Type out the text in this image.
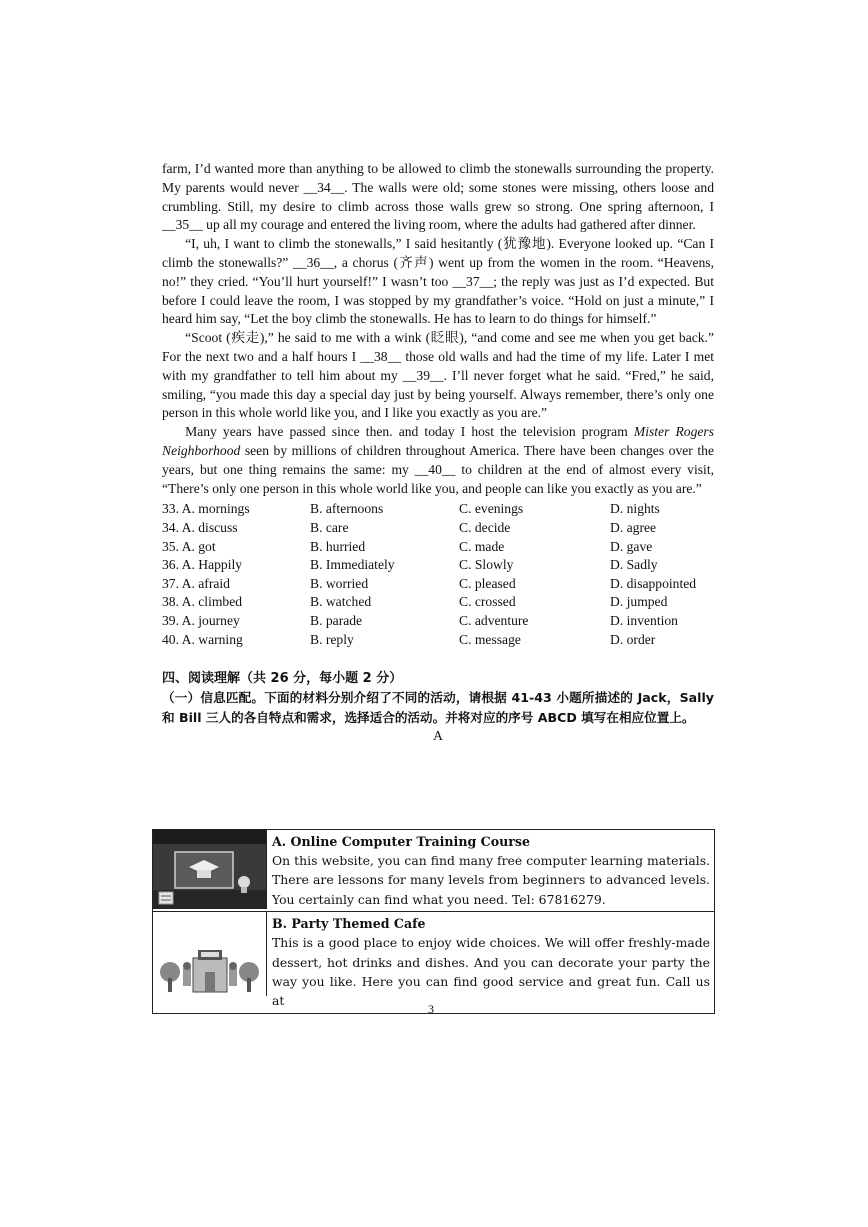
farm, I’d wanted more than anything to be allowed to climb the stonewalls surrounding the property. My parents would never __34__. The walls were old; some stones were missing, others loose and crumbling. Still, my desire to climb across those walls grew so strong. One spring afternoon, I __35__ up all my courage and entered the living room, where the adults had gathered after dinner.

“I, uh, I want to climb the stonewalls,” I said hesitantly (犹豫地). Everyone looked up. “Can I climb the stonewalls?” __36__, a chorus (齐声) went up from the women in the room. “Heavens, no!” they cried. “You’ll hurt yourself!” I wasn’t too __37__; the reply was just as I’d expected. But before I could leave the room, I was stopped by my grandfather’s voice. “Hold on just a minute,” I heard him say, “Let the boy climb the stonewalls. He has to learn to do things for himself.”

“Scoot (疾走),” he said to me with a wink (眨眼), “and come and see me when you get back.” For the next two and a half hours I __38__ those old walls and had the time of my life. Later I met with my grandfather to tell him about my __39__. I’ll never forget what he said. “Fred,” he said, smiling, “you made this day a special day just by being yourself. Always remember, there’s only one person in this whole world like you, and I like you exactly as you are.”

Many years have passed since then. and today I host the television program Mister Rogers Neighborhood seen by millions of children throughout America. There have been changes over the years, but one thing remains the same: my __40__ to children at the end of almost every visit, “There’s only one person in this whole world like you, and people can like you exactly as you are.”

33. A. mornings	B. afternoons	C. evenings	D. nights
34. A. discuss	B. care	C. decide	D. agree
35. A. got	B. hurried	C. made	D. gave
36. A. Happily	B. Immediately	C. Slowly	D. Sadly
37. A. afraid	B. worried	C. pleased	D. disappointed
38. A. climbed	B. watched	C. crossed	D. jumped
39. A. journey	B. parade	C. adventure	D. invention
40. A. warning	B. reply	C. message	D. order
四、阅读理解（共 26 分，每小题 2 分）
（一）信息匹配。下面的材料分别介绍了不同的活动，请根据 41-43 小题所描述的 Jack，Sally 和 Bill 三人的各自特点和需求，选择适合的活动。并将对应的序号 ABCD 填写在相应位置上。
A
A. Online Computer Training Course
On this website, you can find many free computer learning materials. There are lessons for many levels from beginners to advanced levels. You certainly can find what you need. Tel: 67816279.
B. Party Themed Cafe
This is a good place to enjoy wide choices. We will offer freshly-made dessert, hot drinks and dishes. And you can decorate your party the way you like. Here you can find good service and great fun. Call us at
3
